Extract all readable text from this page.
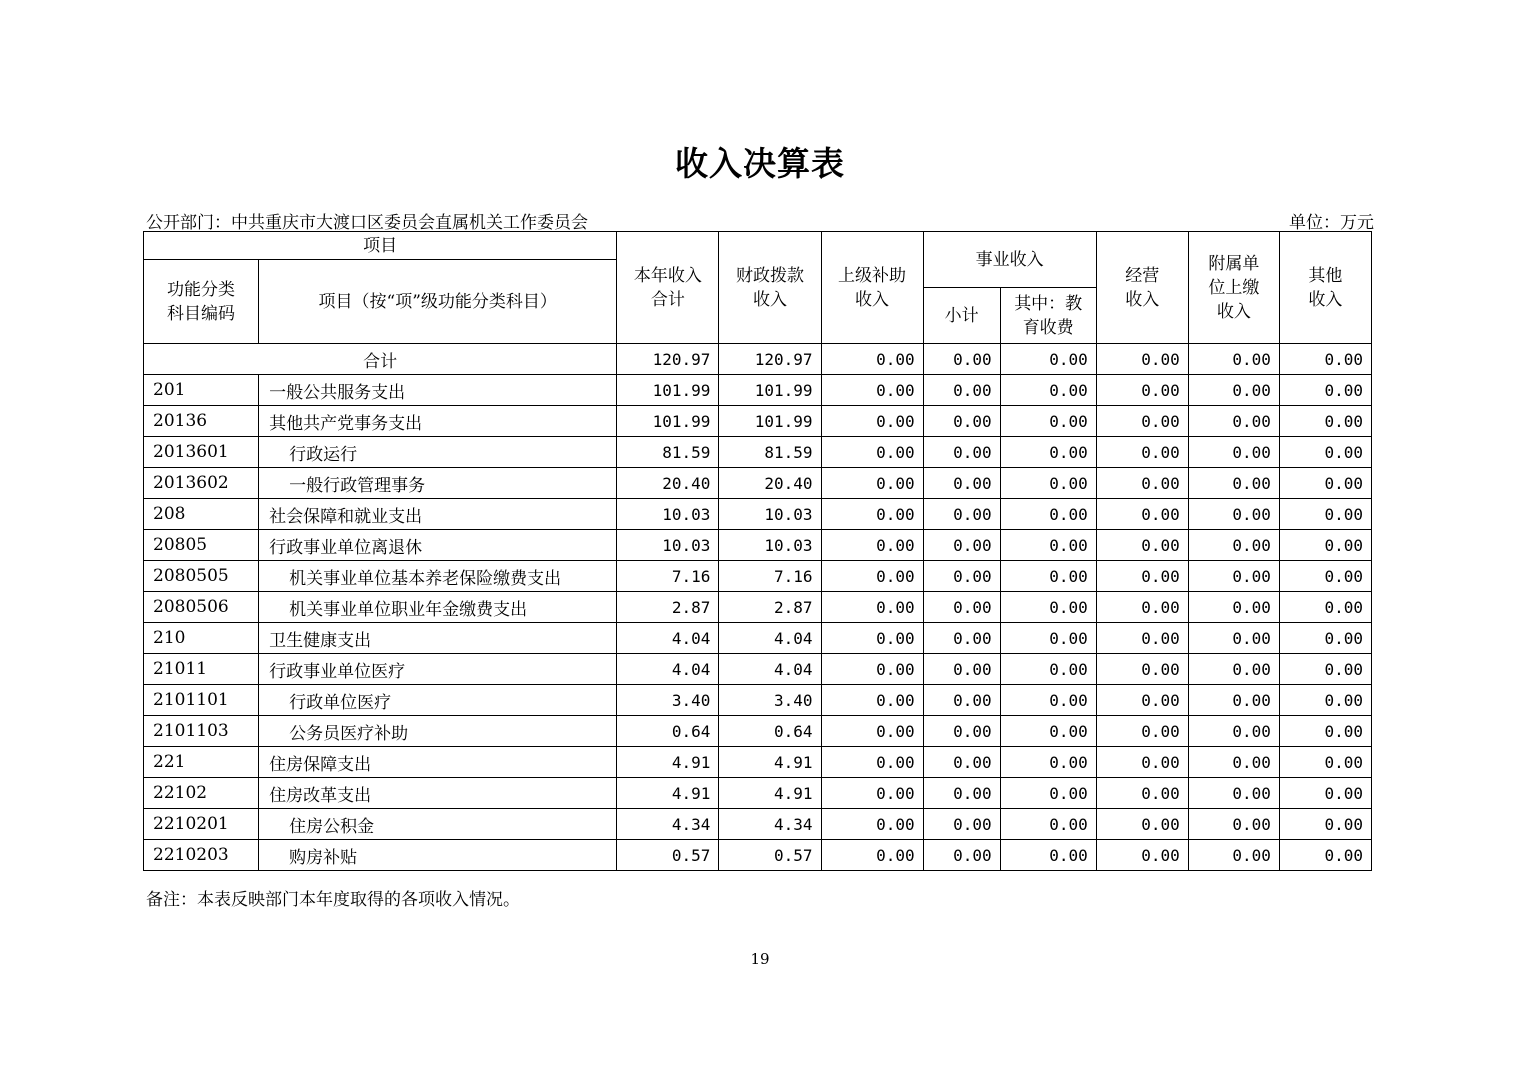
收入决算表
公开部门：中共重庆市大渡口区委员会直属机关工作委员会	单位：万元
项目		本年收入合计	财政拨款收入	上级补助收入	事业收入		经营收入	附属单位上缴收入	其他收入

功能分类科目编码	项目（按“项”级功能分类科目）								
					小计	其中：教育收费			

合计		120.97	120.97	0.00	0.00	0.00	0.00	0.00	0.00
201	一般公共服务支出	101.99	101.99	0.00	0.00	0.00	0.00	0.00	0.00
20136	其他共产党事务支出	101.99	101.99	0.00	0.00	0.00	0.00	0.00	0.00
2013601	行政运行	81.59	81.59	0.00	0.00	0.00	0.00	0.00	0.00
2013602	一般行政管理事务	20.40	20.40	0.00	0.00	0.00	0.00	0.00	0.00
208	社会保障和就业支出	10.03	10.03	0.00	0.00	0.00	0.00	0.00	0.00
20805	行政事业单位离退休	10.03	10.03	0.00	0.00	0.00	0.00	0.00	0.00
2080505	机关事业单位基本养老保险缴费支出	7.16	7.16	0.00	0.00	0.00	0.00	0.00	0.00
2080506	机关事业单位职业年金缴费支出	2.87	2.87	0.00	0.00	0.00	0.00	0.00	0.00
210	卫生健康支出	4.04	4.04	0.00	0.00	0.00	0.00	0.00	0.00
21011	行政事业单位医疗	4.04	4.04	0.00	0.00	0.00	0.00	0.00	0.00
2101101	行政单位医疗	3.40	3.40	0.00	0.00	0.00	0.00	0.00	0.00
2101103	公务员医疗补助	0.64	0.64	0.00	0.00	0.00	0.00	0.00	0.00
221	住房保障支出	4.91	4.91	0.00	0.00	0.00	0.00	0.00	0.00
22102	住房改革支出	4.91	4.91	0.00	0.00	0.00	0.00	0.00	0.00
2210201	住房公积金	4.34	4.34	0.00	0.00	0.00	0.00	0.00	0.00
2210203	购房补贴	0.57	0.57	0.00	0.00	0.00	0.00	0.00	0.00
备注：本表反映部门本年度取得的各项收入情况。
19
